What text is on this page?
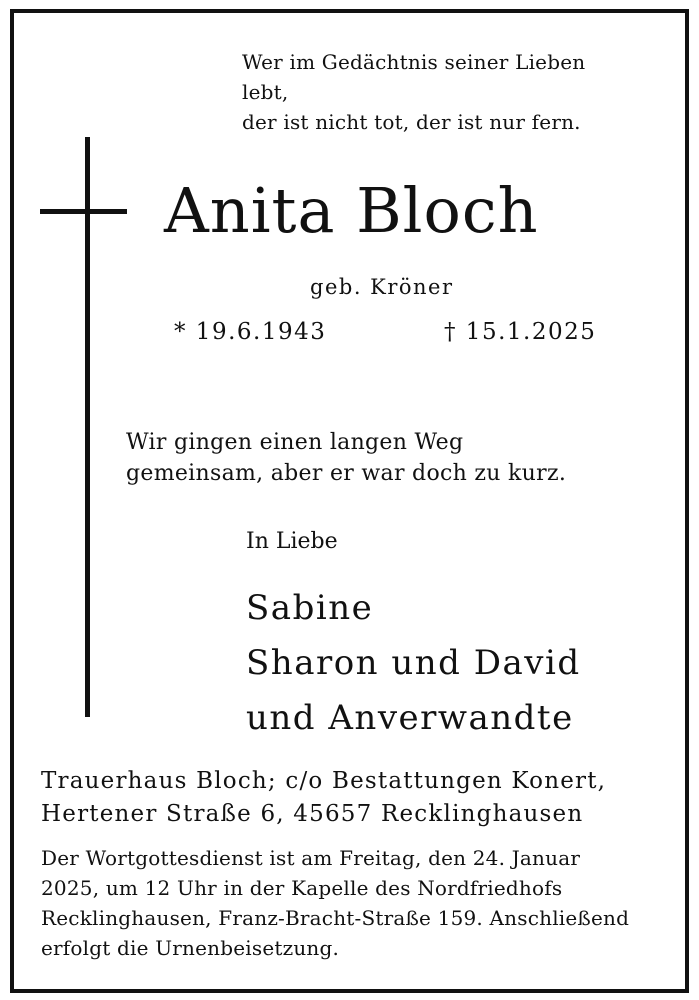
Wer im Gedächtnis seiner Lieben lebt,
der ist nicht tot, der ist nur fern.
Anita Bloch
geb. Kröner
* 19.6.1943	† 15.1.2025
Wir gingen einen langen Weg
gemeinsam, aber er war doch zu kurz.
In Liebe
Sabine
Sharon und David
und Anverwandte
Trauerhaus Bloch; c/o Bestattungen Konert,
Hertener Straße 6, 45657 Recklinghausen
Der Wortgottesdienst ist am Freitag, den 24. Januar
2025, um 12 Uhr in der Kapelle des Nordfriedhofs
Recklinghausen, Franz-Bracht-Straße 159. Anschließend
erfolgt die Urnenbeisetzung.
